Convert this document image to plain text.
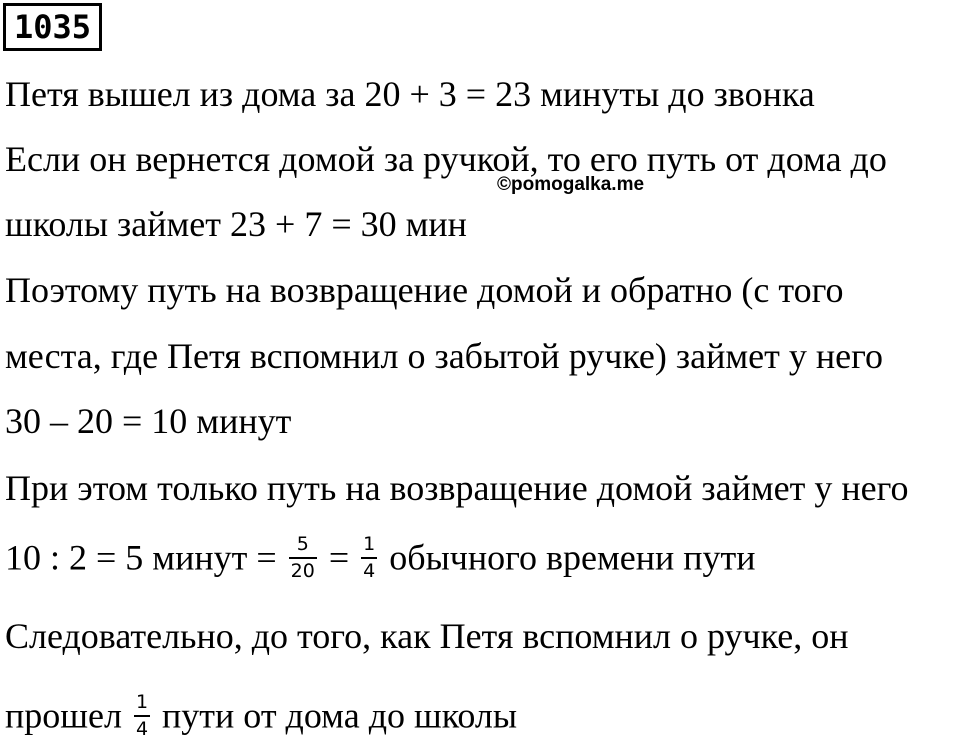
1035
Петя вышел из дома за 20 + 3 = 23 минуты до звонка
Если он вернется домой за ручкой, то его путь от дома до
©pomogalka.me
школы займет 23 + 7 = 30 мин
Поэтому путь на возвращение домой и обратно (с того
места, где Петя вспомнил о забытой ручке) займет у него
30 – 20 = 10 минут
При этом только путь на возвращение домой займет у него
10 : 2 = 5 минут = $\frac{5}{20} = \frac{1}{4}$ обычного времени пути
Следовательно, до того, как Петя вспомнил о ручке, он
прошел $\frac{1}{4}$ пути от дома до школы
